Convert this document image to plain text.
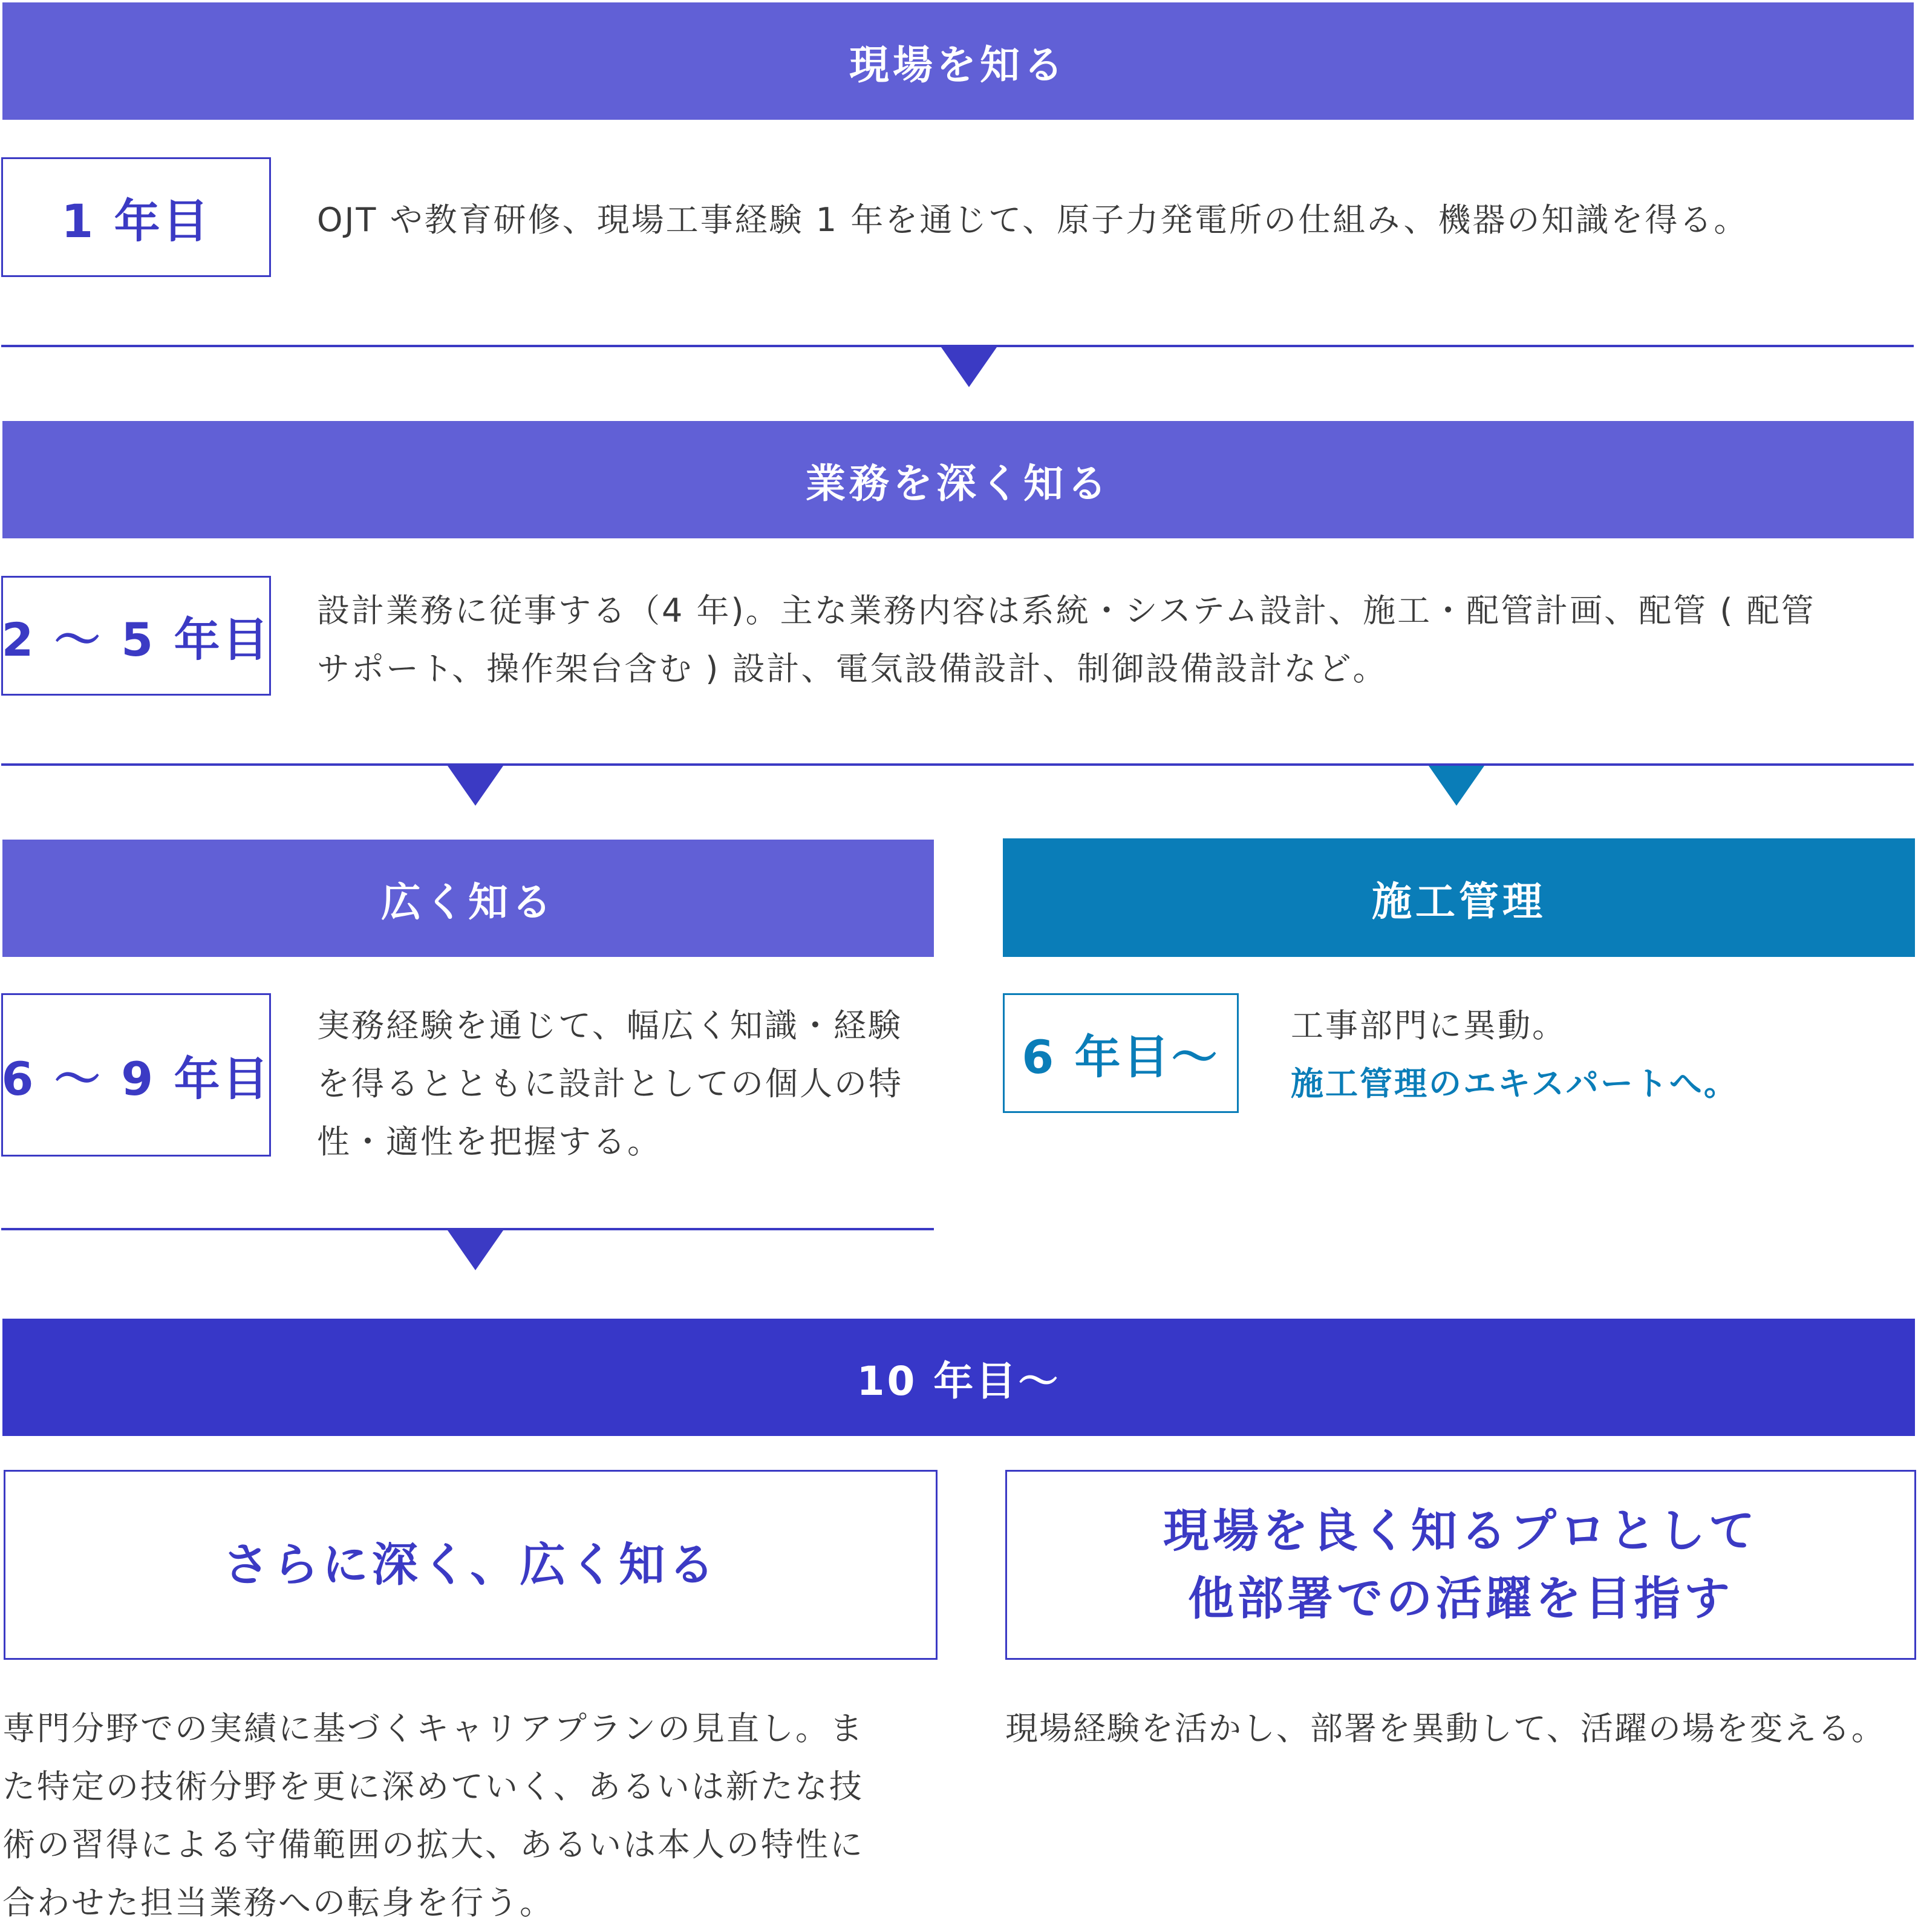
現場を知る
1 年目	OJT や教育研修、現場工事経験 1 年を通じて、原子力発電所の仕組み、機器の知識を得る。
業務を深く知る
2 〜 5 年目
設計業務に従事する（4 年)。主な業務内容は系統・システム設計、施工・配管計画、配管 ( 配管
サポート、操作架台含む ) 設計、電気設備設計、制御設備設計など。
広く知る
6 〜 9 年目
実務経験を通じて、幅広く知識・経験
を得るとともに設計としての個人の特
性・適性を把握する。
施工管理
6 年目〜
工事部門に異動。
施工管理のエキスパートへ。
10 年目〜
さらに深く、広く知る
現場を良く知るプロとして
他部署での活躍を目指す
専門分野での実績に基づくキャリアプランの見直し。ま
た特定の技術分野を更に深めていく、あるいは新たな技
術の習得による守備範囲の拡大、あるいは本人の特性に
合わせた担当業務への転身を行う。
現場経験を活かし、部署を異動して、活躍の場を変える。
